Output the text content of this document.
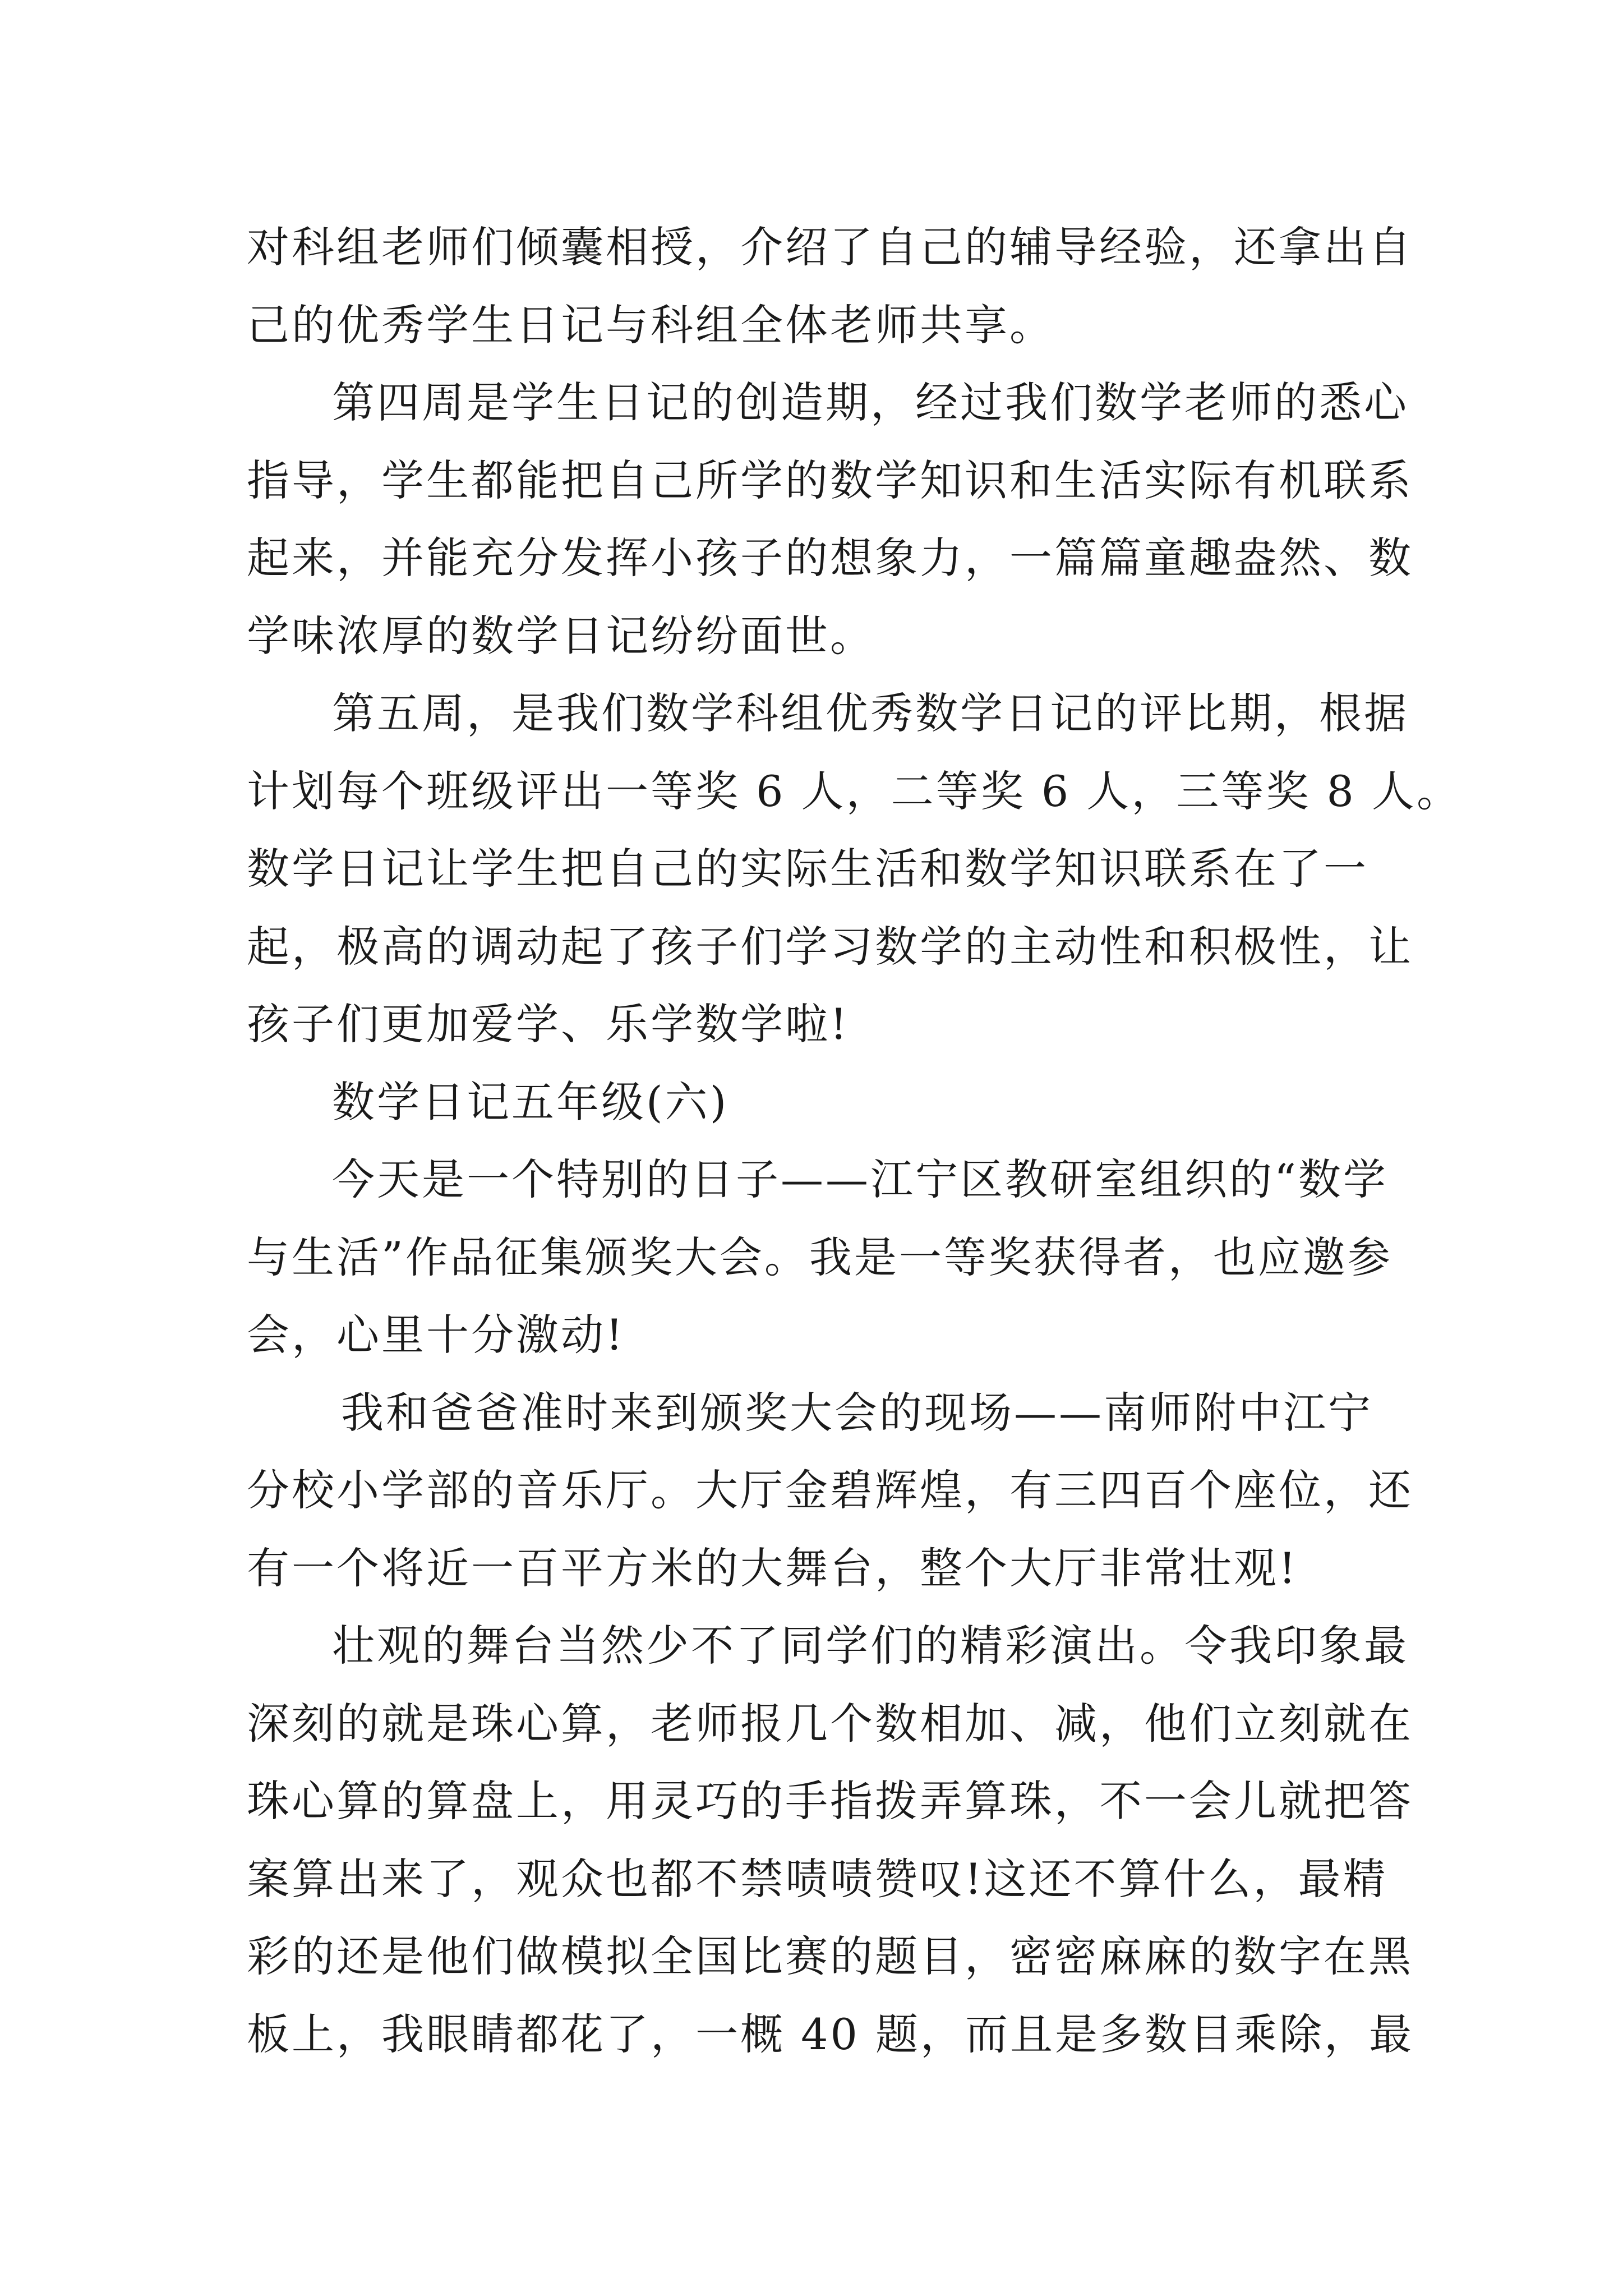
对科组老师们倾囊相授，介绍了自己的辅导经验，还拿出自
己的优秀学生日记与科组全体老师共享。
第四周是学生日记的创造期，经过我们数学老师的悉心
指导，学生都能把自己所学的数学知识和生活实际有机联系
起来，并能充分发挥小孩子的想象力，一篇篇童趣盎然、数
学味浓厚的数学日记纷纷面世。
第五周，是我们数学科组优秀数学日记的评比期，根据
计划每个班级评出一等奖 6 人，二等奖 6 人，三等奖 8 人。
数学日记让学生把自己的实际生活和数学知识联系在了一
起，极高的调动起了孩子们学习数学的主动性和积极性，让
孩子们更加爱学、乐学数学啦!
数学日记五年级(六)
今天是一个特别的日子——江宁区教研室组织的“数学
与生活”作品征集颁奖大会。我是一等奖获得者，也应邀参
会，心里十分激动!
我和爸爸准时来到颁奖大会的现场——南师附中江宁
分校小学部的音乐厅。大厅金碧辉煌，有三四百个座位，还
有一个将近一百平方米的大舞台，整个大厅非常壮观!
壮观的舞台当然少不了同学们的精彩演出。令我印象最
深刻的就是珠心算，老师报几个数相加、减，他们立刻就在
珠心算的算盘上，用灵巧的手指拨弄算珠，不一会儿就把答
案算出来了，观众也都不禁啧啧赞叹!这还不算什么，最精
彩的还是他们做模拟全国比赛的题目，密密麻麻的数字在黑
板上，我眼睛都花了，一概 40 题，而且是多数目乘除，最
